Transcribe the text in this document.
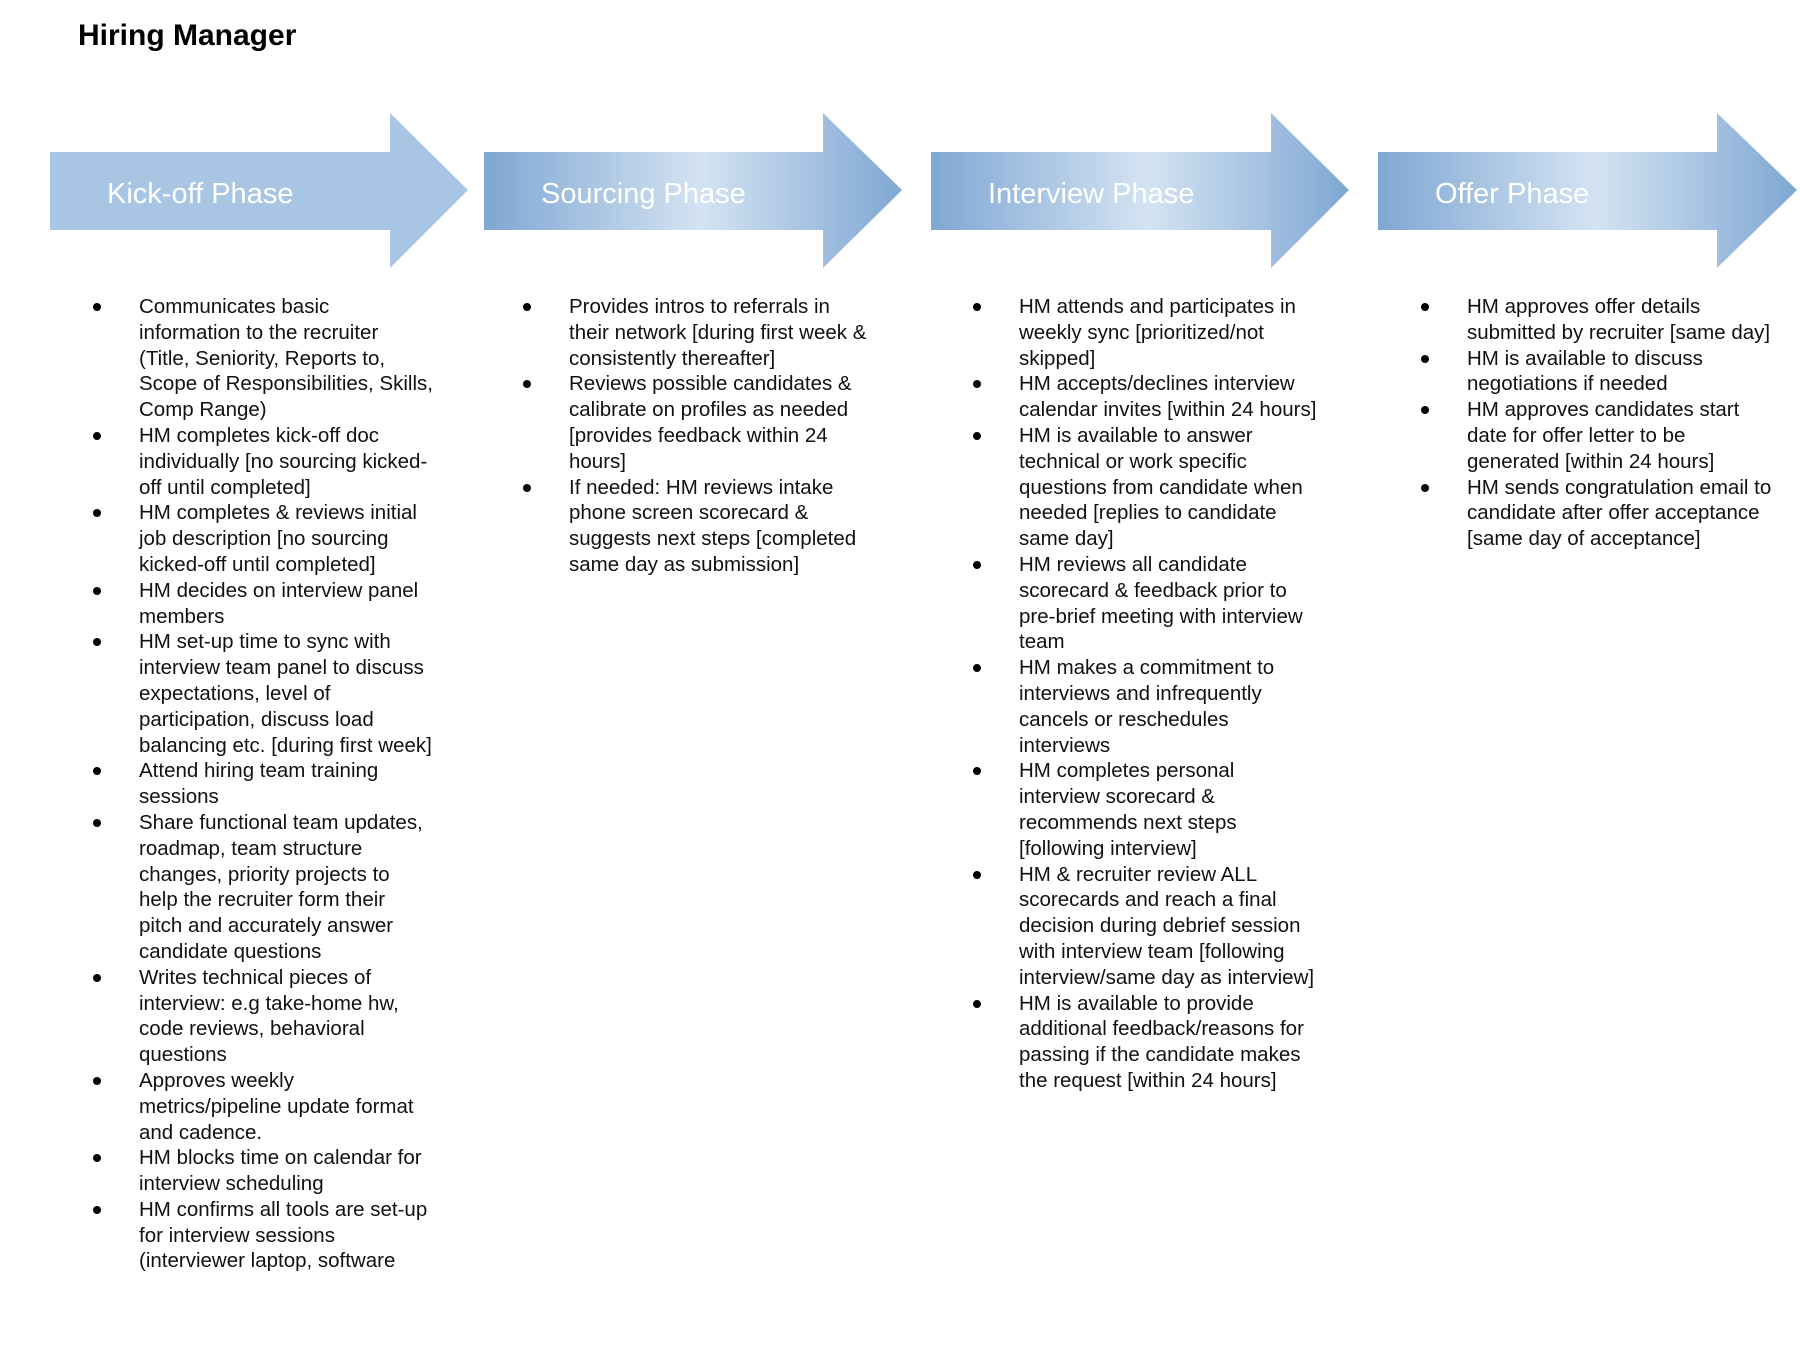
Hiring Manager
Kick-off Phase	Sourcing Phase	Interview Phase	Offer Phase
Communicates basic information to the recruiter (Title, Seniority, Reports to, Scope of Responsibilities, Skills, Comp Range)
HM completes kick-off doc individually [no sourcing kicked-off until completed]
HM completes & reviews initial job description [no sourcing kicked-off until completed]
HM decides on interview panel members
HM set-up time to sync with interview team panel to discuss expectations, level of participation, discuss load balancing etc. [during first week]
Attend hiring team training sessions
Share functional team updates, roadmap, team structure changes, priority projects to help the recruiter form their pitch and accurately answer candidate questions
Writes technical pieces of interview: e.g take-home hw, code reviews, behavioral questions
Approves weekly metrics/pipeline update format and cadence.
HM blocks time on calendar for interview scheduling
HM confirms all tools are set-up for interview sessions (interviewer laptop, software
Provides intros to referrals in their network [during first week & consistently thereafter]
Reviews possible candidates & calibrate on profiles as needed [provides feedback within 24 hours]
If needed: HM reviews intake phone screen scorecard & suggests next steps [completed same day as submission]
HM attends and participates in weekly sync [prioritized/not skipped]
HM accepts/declines interview calendar invites [within 24 hours]
HM is available to answer technical or work specific questions from candidate when needed [replies to candidate same day]
HM reviews all candidate scorecard & feedback prior to pre-brief meeting with interview team
HM makes a commitment to interviews and infrequently cancels or reschedules interviews
HM completes personal interview scorecard & recommends next steps [following interview]
HM & recruiter review ALL scorecards and reach a final decision during debrief session with interview team [following interview/same day as interview]
HM is available to provide additional feedback/reasons for passing if the candidate makes the request [within 24 hours]
HM approves offer details submitted by recruiter [same day]
HM is available to discuss negotiations if needed
HM approves candidates start date for offer letter to be generated [within 24 hours]
HM sends congratulation email to candidate after offer acceptance [same day of acceptance]
